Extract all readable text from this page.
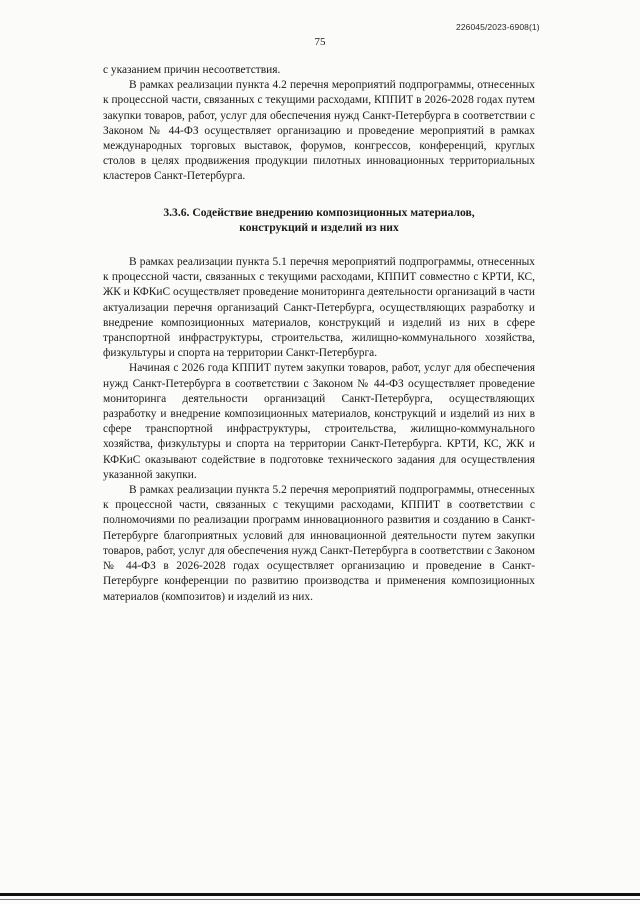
226045/2023-6908(1)
75

с указанием причин несоответствия.

В рамках реализации пункта 4.2 перечня мероприятий подпрограммы, отнесенных к процессной части, связанных с текущими расходами, КППИТ в 2026-2028 годах путем закупки товаров, работ, услуг для обеспечения нужд Санкт-Петербурга в соответствии с Законом № 44-ФЗ осуществляет организацию и проведение мероприятий в рамках международных торговых выставок, форумов, конгрессов, конференций, круглых столов в целях продвижения продукции пилотных инновационных территориальных кластеров Санкт-Петербурга.

3.3.6. Содействие внедрению композиционных материалов,
конструкций и изделий из них

В рамках реализации пункта 5.1 перечня мероприятий подпрограммы, отнесенных к процессной части, связанных с текущими расходами, КППИТ совместно с КРТИ, КС, ЖК и КФКиС осуществляет проведение мониторинга деятельности организаций в части актуализации перечня организаций Санкт-Петербурга, осуществляющих разработку и внедрение композиционных материалов, конструкций и изделий из них в сфере транспортной инфраструктуры, строительства, жилищно-коммунального хозяйства, физкультуры и спорта на территории Санкт-Петербурга.

Начиная с 2026 года КППИТ путем закупки товаров, работ, услуг для обеспечения нужд Санкт-Петербурга в соответствии с Законом № 44-ФЗ осуществляет проведение мониторинга деятельности организаций Санкт-Петербурга, осуществляющих разработку и внедрение композиционных материалов, конструкций и изделий из них в сфере транспортной инфраструктуры, строительства, жилищно-коммунального хозяйства, физкультуры и спорта на территории Санкт-Петербурга. КРТИ, КС, ЖК и КФКиС оказывают содействие в подготовке технического задания для осуществления указанной закупки.

В рамках реализации пункта 5.2 перечня мероприятий подпрограммы, отнесенных к процессной части, связанных с текущими расходами, КППИТ в соответствии с полномочиями по реализации программ инновационного развития и созданию в Санкт-Петербурге благоприятных условий для инновационной деятельности путем закупки товаров, работ, услуг для обеспечения нужд Санкт-Петербурга в соответствии с Законом № 44-ФЗ в 2026-2028 годах осуществляет организацию и проведение в Санкт-Петербурге конференции по развитию производства и применения композиционных материалов (композитов) и изделий из них.
